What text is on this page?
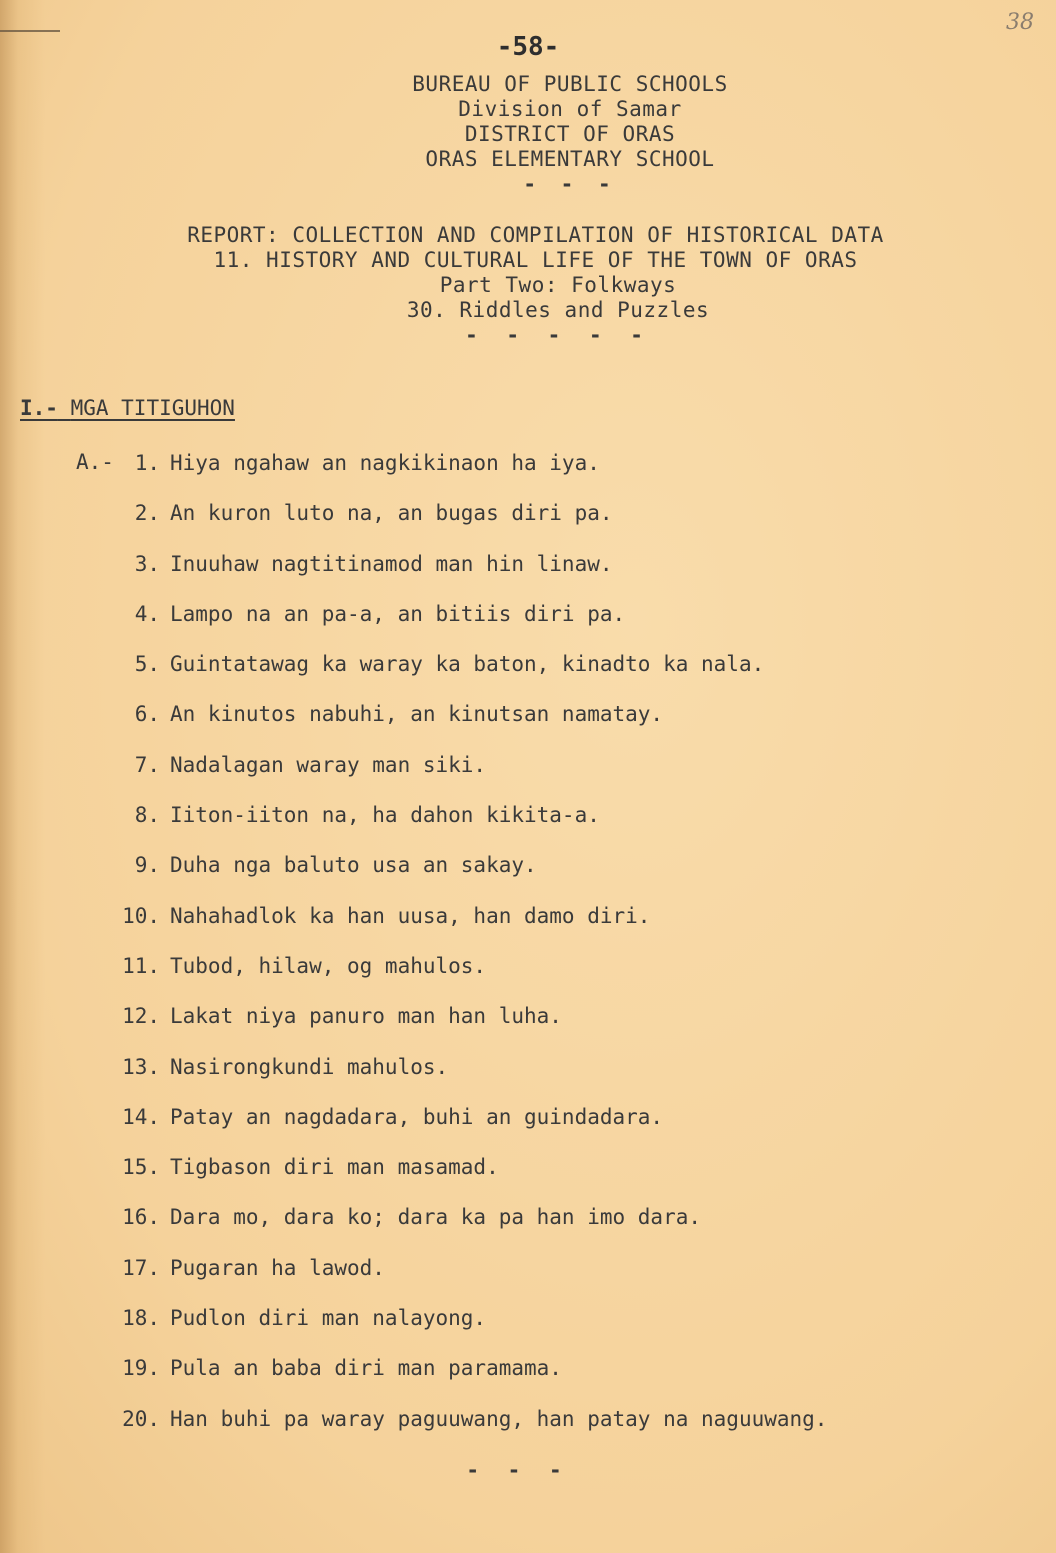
38
-58-
BUREAU OF PUBLIC SCHOOLS
Division of Samar
DISTRICT OF ORAS
ORAS ELEMENTARY SCHOOL
- - -
REPORT: COLLECTION AND COMPILATION OF HISTORICAL DATA
11. HISTORY AND CULTURAL LIFE OF THE TOWN OF ORAS
Part Two: Folkways
30. Riddles and Puzzles
- - - - -
I.- MGA TITIGUHON
A.- 1. Hiya ngahaw an nagkikinaon ha iya.
2. An kuron luto na, an bugas diri pa.
3. Inuuhaw nagtitinamod man hin linaw.
4. Lampo na an pa-a, an bitiis diri pa.
5. Guintatawag ka waray ka baton, kinadto ka nala.
6. An kinutos nabuhi, an kinutsan namatay.
7. Nadalagan waray man siki.
8. Iiton-iiton na, ha dahon kikita-a.
9. Duha nga baluto usa an sakay.
10. Nahahadlok ka han uusa, han damo diri.
11. Tubod, hilaw, og mahulos.
12. Lakat niya panuro man han luha.
13. Nasirongkundi mahulos.
14. Patay an nagdadara, buhi an guindadara.
15. Tigbason diri man masamad.
16. Dara mo, dara ko; dara ka pa han imo dara.
17. Pugaran ha lawod.
18. Pudlon diri man nalayong.
19. Pula an baba diri man paramama.
20. Han buhi pa waray paguuwang, han patay na naguuwang.
- - -
